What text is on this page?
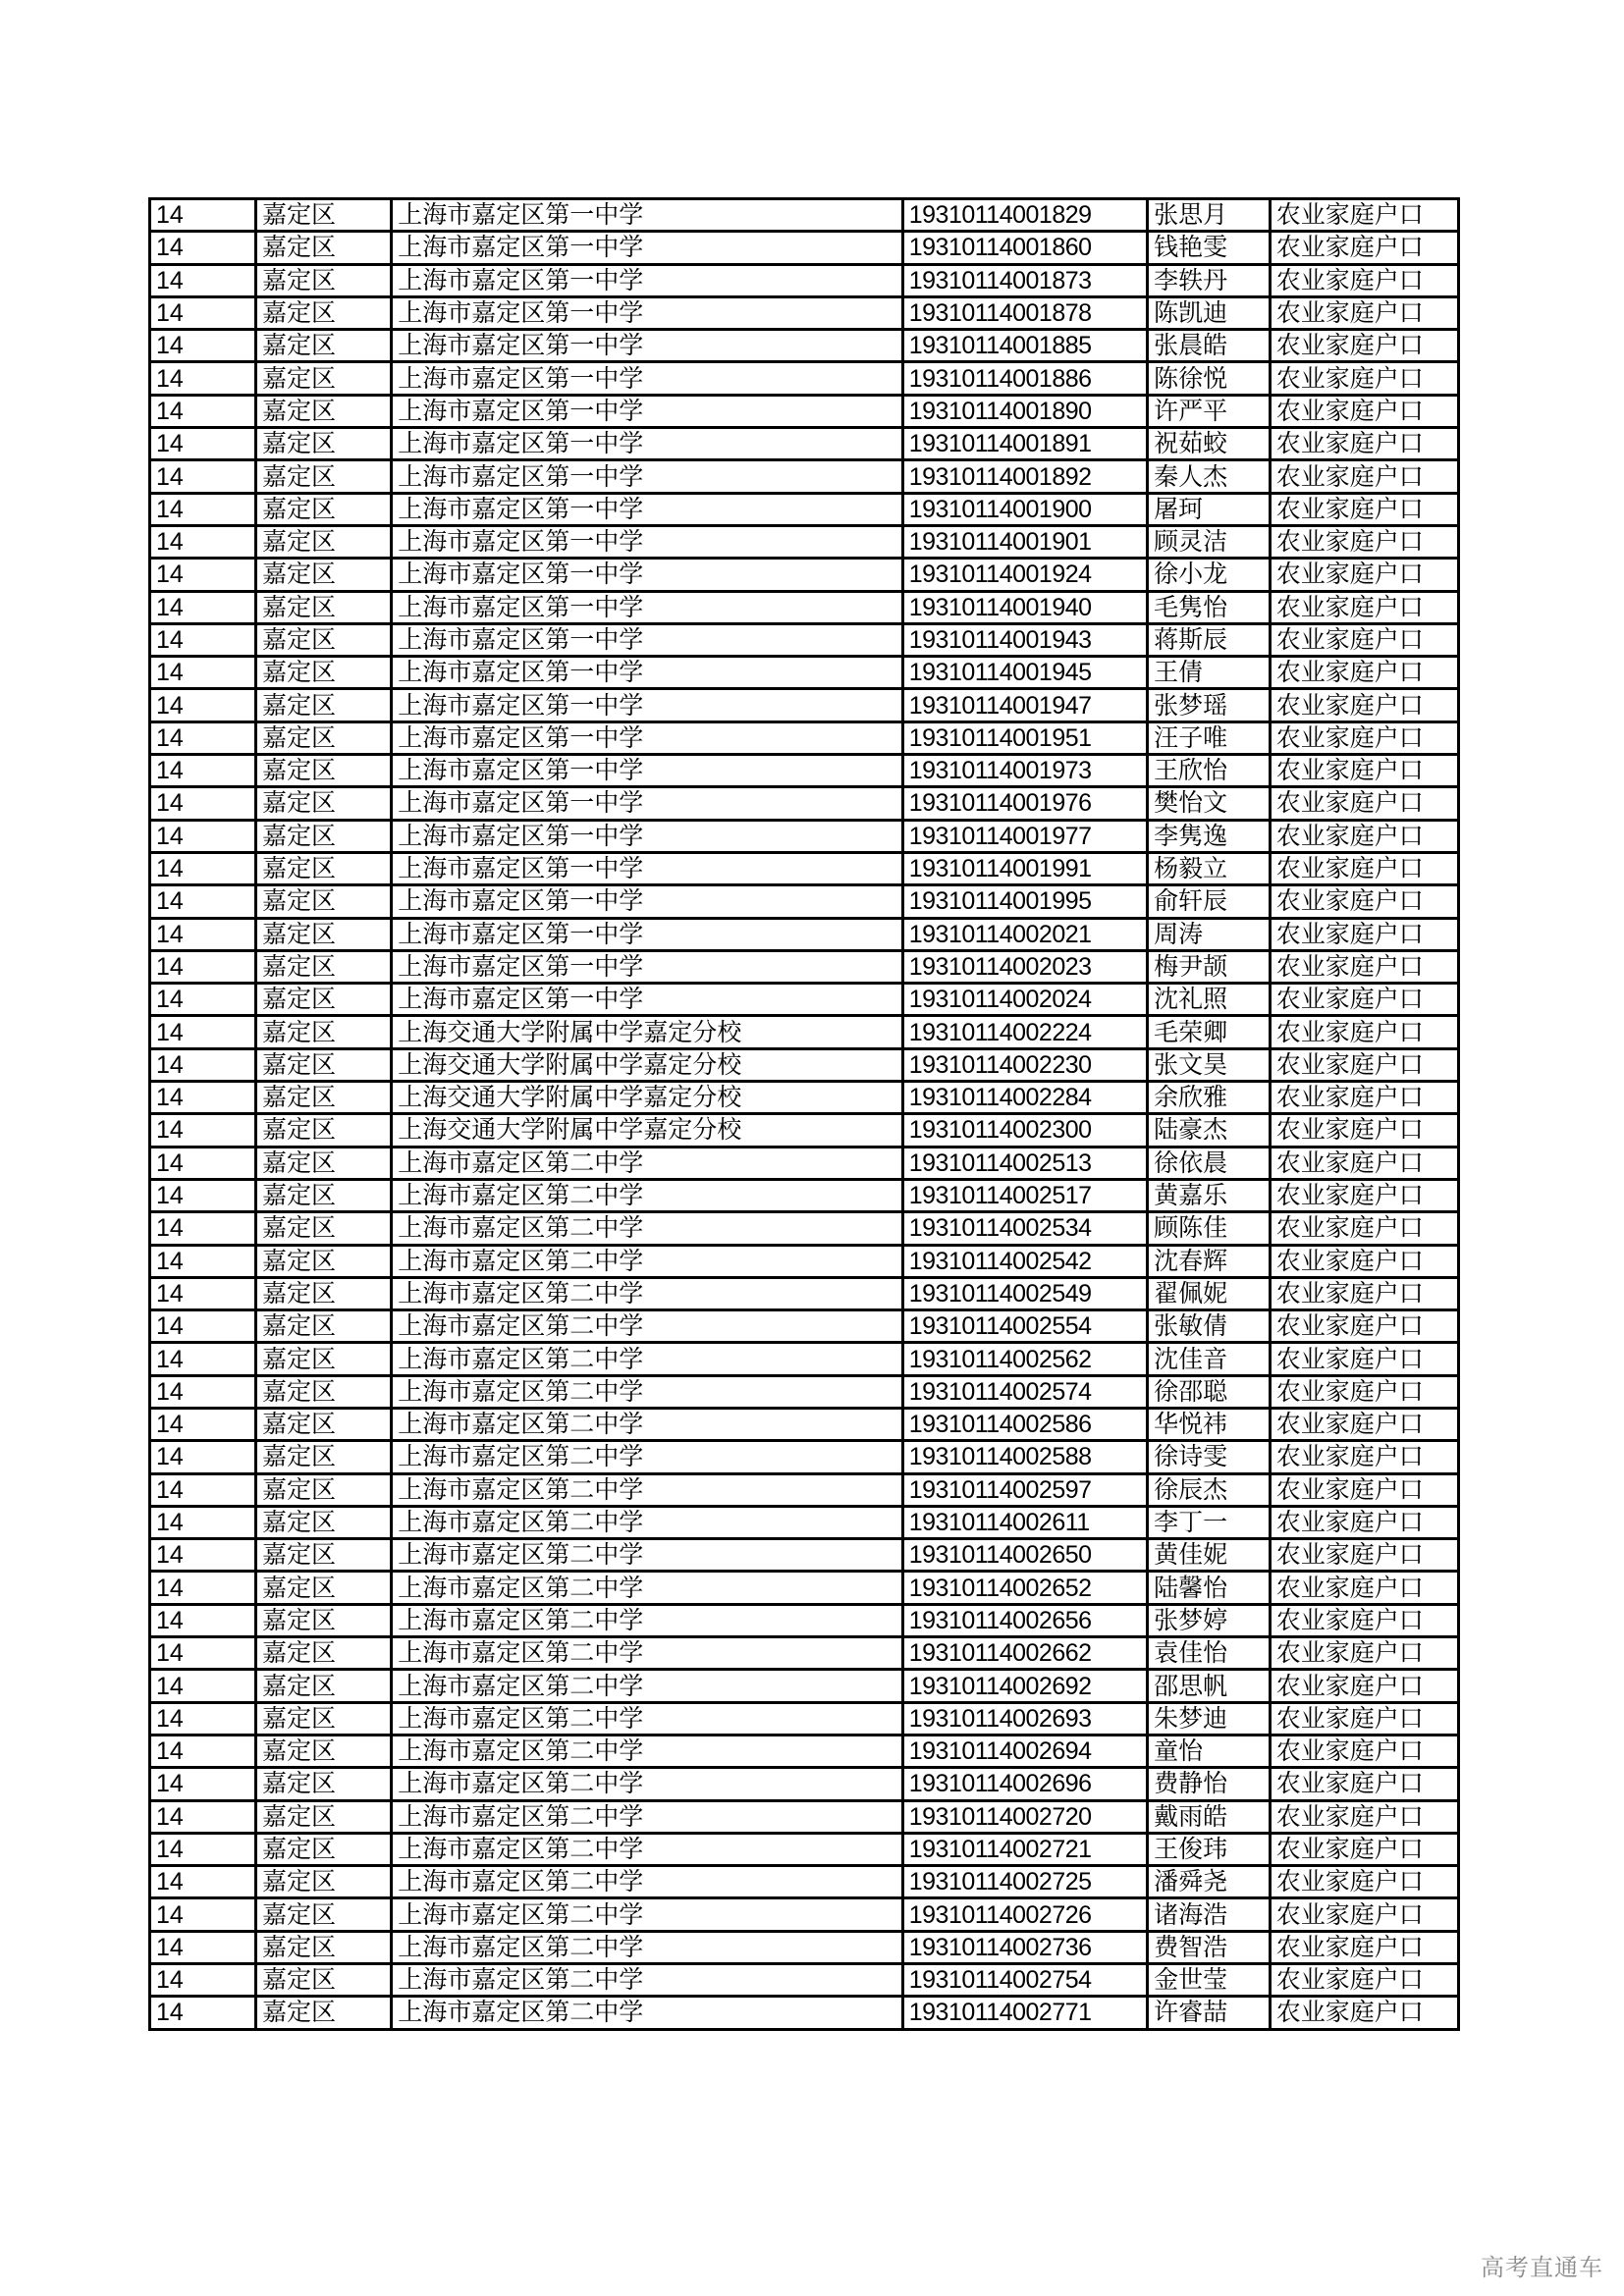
14	嘉定区	上海市嘉定区第一中学	19310114001829	张思月	农业家庭户口
14	嘉定区	上海市嘉定区第一中学	19310114001860	钱艳雯	农业家庭户口
14	嘉定区	上海市嘉定区第一中学	19310114001873	李轶丹	农业家庭户口
14	嘉定区	上海市嘉定区第一中学	19310114001878	陈凯迪	农业家庭户口
14	嘉定区	上海市嘉定区第一中学	19310114001885	张晨皓	农业家庭户口
14	嘉定区	上海市嘉定区第一中学	19310114001886	陈徐悦	农业家庭户口
14	嘉定区	上海市嘉定区第一中学	19310114001890	许严平	农业家庭户口
14	嘉定区	上海市嘉定区第一中学	19310114001891	祝茹蛟	农业家庭户口
14	嘉定区	上海市嘉定区第一中学	19310114001892	秦人杰	农业家庭户口
14	嘉定区	上海市嘉定区第一中学	19310114001900	屠珂	农业家庭户口
14	嘉定区	上海市嘉定区第一中学	19310114001901	顾灵洁	农业家庭户口
14	嘉定区	上海市嘉定区第一中学	19310114001924	徐小龙	农业家庭户口
14	嘉定区	上海市嘉定区第一中学	19310114001940	毛隽怡	农业家庭户口
14	嘉定区	上海市嘉定区第一中学	19310114001943	蒋斯辰	农业家庭户口
14	嘉定区	上海市嘉定区第一中学	19310114001945	王倩	农业家庭户口
14	嘉定区	上海市嘉定区第一中学	19310114001947	张梦瑶	农业家庭户口
14	嘉定区	上海市嘉定区第一中学	19310114001951	汪子唯	农业家庭户口
14	嘉定区	上海市嘉定区第一中学	19310114001973	王欣怡	农业家庭户口
14	嘉定区	上海市嘉定区第一中学	19310114001976	樊怡文	农业家庭户口
14	嘉定区	上海市嘉定区第一中学	19310114001977	李隽逸	农业家庭户口
14	嘉定区	上海市嘉定区第一中学	19310114001991	杨毅立	农业家庭户口
14	嘉定区	上海市嘉定区第一中学	19310114001995	俞轩辰	农业家庭户口
14	嘉定区	上海市嘉定区第一中学	19310114002021	周涛	农业家庭户口
14	嘉定区	上海市嘉定区第一中学	19310114002023	梅尹颉	农业家庭户口
14	嘉定区	上海市嘉定区第一中学	19310114002024	沈礼照	农业家庭户口
14	嘉定区	上海交通大学附属中学嘉定分校	19310114002224	毛荣卿	农业家庭户口
14	嘉定区	上海交通大学附属中学嘉定分校	19310114002230	张文昊	农业家庭户口
14	嘉定区	上海交通大学附属中学嘉定分校	19310114002284	余欣雅	农业家庭户口
14	嘉定区	上海交通大学附属中学嘉定分校	19310114002300	陆豪杰	农业家庭户口
14	嘉定区	上海市嘉定区第二中学	19310114002513	徐依晨	农业家庭户口
14	嘉定区	上海市嘉定区第二中学	19310114002517	黄嘉乐	农业家庭户口
14	嘉定区	上海市嘉定区第二中学	19310114002534	顾陈佳	农业家庭户口
14	嘉定区	上海市嘉定区第二中学	19310114002542	沈春辉	农业家庭户口
14	嘉定区	上海市嘉定区第二中学	19310114002549	翟佩妮	农业家庭户口
14	嘉定区	上海市嘉定区第二中学	19310114002554	张敏倩	农业家庭户口
14	嘉定区	上海市嘉定区第二中学	19310114002562	沈佳音	农业家庭户口
14	嘉定区	上海市嘉定区第二中学	19310114002574	徐邵聪	农业家庭户口
14	嘉定区	上海市嘉定区第二中学	19310114002586	华悦祎	农业家庭户口
14	嘉定区	上海市嘉定区第二中学	19310114002588	徐诗雯	农业家庭户口
14	嘉定区	上海市嘉定区第二中学	19310114002597	徐辰杰	农业家庭户口
14	嘉定区	上海市嘉定区第二中学	19310114002611	李丁一	农业家庭户口
14	嘉定区	上海市嘉定区第二中学	19310114002650	黄佳妮	农业家庭户口
14	嘉定区	上海市嘉定区第二中学	19310114002652	陆馨怡	农业家庭户口
14	嘉定区	上海市嘉定区第二中学	19310114002656	张梦婷	农业家庭户口
14	嘉定区	上海市嘉定区第二中学	19310114002662	袁佳怡	农业家庭户口
14	嘉定区	上海市嘉定区第二中学	19310114002692	邵思帆	农业家庭户口
14	嘉定区	上海市嘉定区第二中学	19310114002693	朱梦迪	农业家庭户口
14	嘉定区	上海市嘉定区第二中学	19310114002694	童怡	农业家庭户口
14	嘉定区	上海市嘉定区第二中学	19310114002696	费静怡	农业家庭户口
14	嘉定区	上海市嘉定区第二中学	19310114002720	戴雨皓	农业家庭户口
14	嘉定区	上海市嘉定区第二中学	19310114002721	王俊玮	农业家庭户口
14	嘉定区	上海市嘉定区第二中学	19310114002725	潘舜尧	农业家庭户口
14	嘉定区	上海市嘉定区第二中学	19310114002726	诸海浩	农业家庭户口
14	嘉定区	上海市嘉定区第二中学	19310114002736	费智浩	农业家庭户口
14	嘉定区	上海市嘉定区第二中学	19310114002754	金世莹	农业家庭户口
14	嘉定区	上海市嘉定区第二中学	19310114002771	许睿喆	农业家庭户口
高考直通车
